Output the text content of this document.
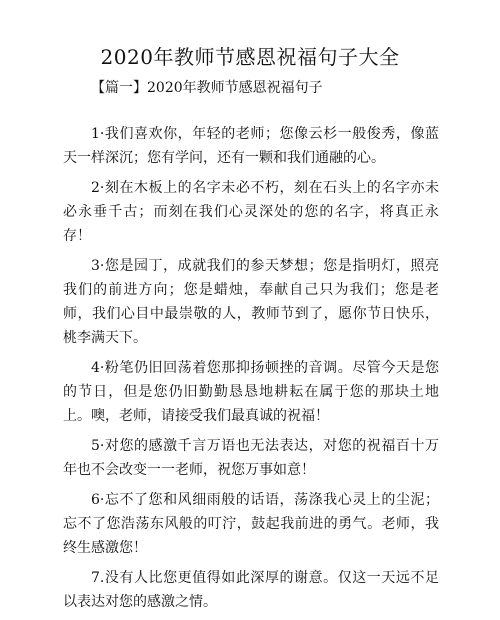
2020年教师节感恩祝福句子大全
【篇一】2020年教师节感恩祝福句子

1·我们喜欢你，年轻的老师；您像云杉一般俊秀，像蓝天一样深沉；您有学问，还有一颗和我们通融的心。

2·刻在木板上的名字未必不朽，刻在石头上的名字亦未必永垂千古；而刻在我们心灵深处的您的名字，将真正永存！

3·您是园丁，成就我们的参天梦想；您是指明灯，照亮我们的前进方向；您是蜡烛，奉献自己只为我们；您是老师，我们心目中最崇敬的人，教师节到了，愿你节日快乐，桃李满天下。

4·粉笔仍旧回荡着您那抑扬顿挫的音调。尽管今天是您的节日，但是您仍旧勤勤恳恳地耕耘在属于您的那块土地上。噢，老师，请接受我们最真诚的祝福！

5·对您的感激千言万语也无法表达，对您的祝福百十万年也不会改变一一老师，祝您万事如意！

6·忘不了您和风细雨般的话语，荡涤我心灵上的尘泥；忘不了您浩荡东风般的叮泞，鼓起我前进的勇气。老师，我终生感激您！

7.没有人比您更值得如此深厚的谢意。仅这一天远不足以表达对您的感激之情。
